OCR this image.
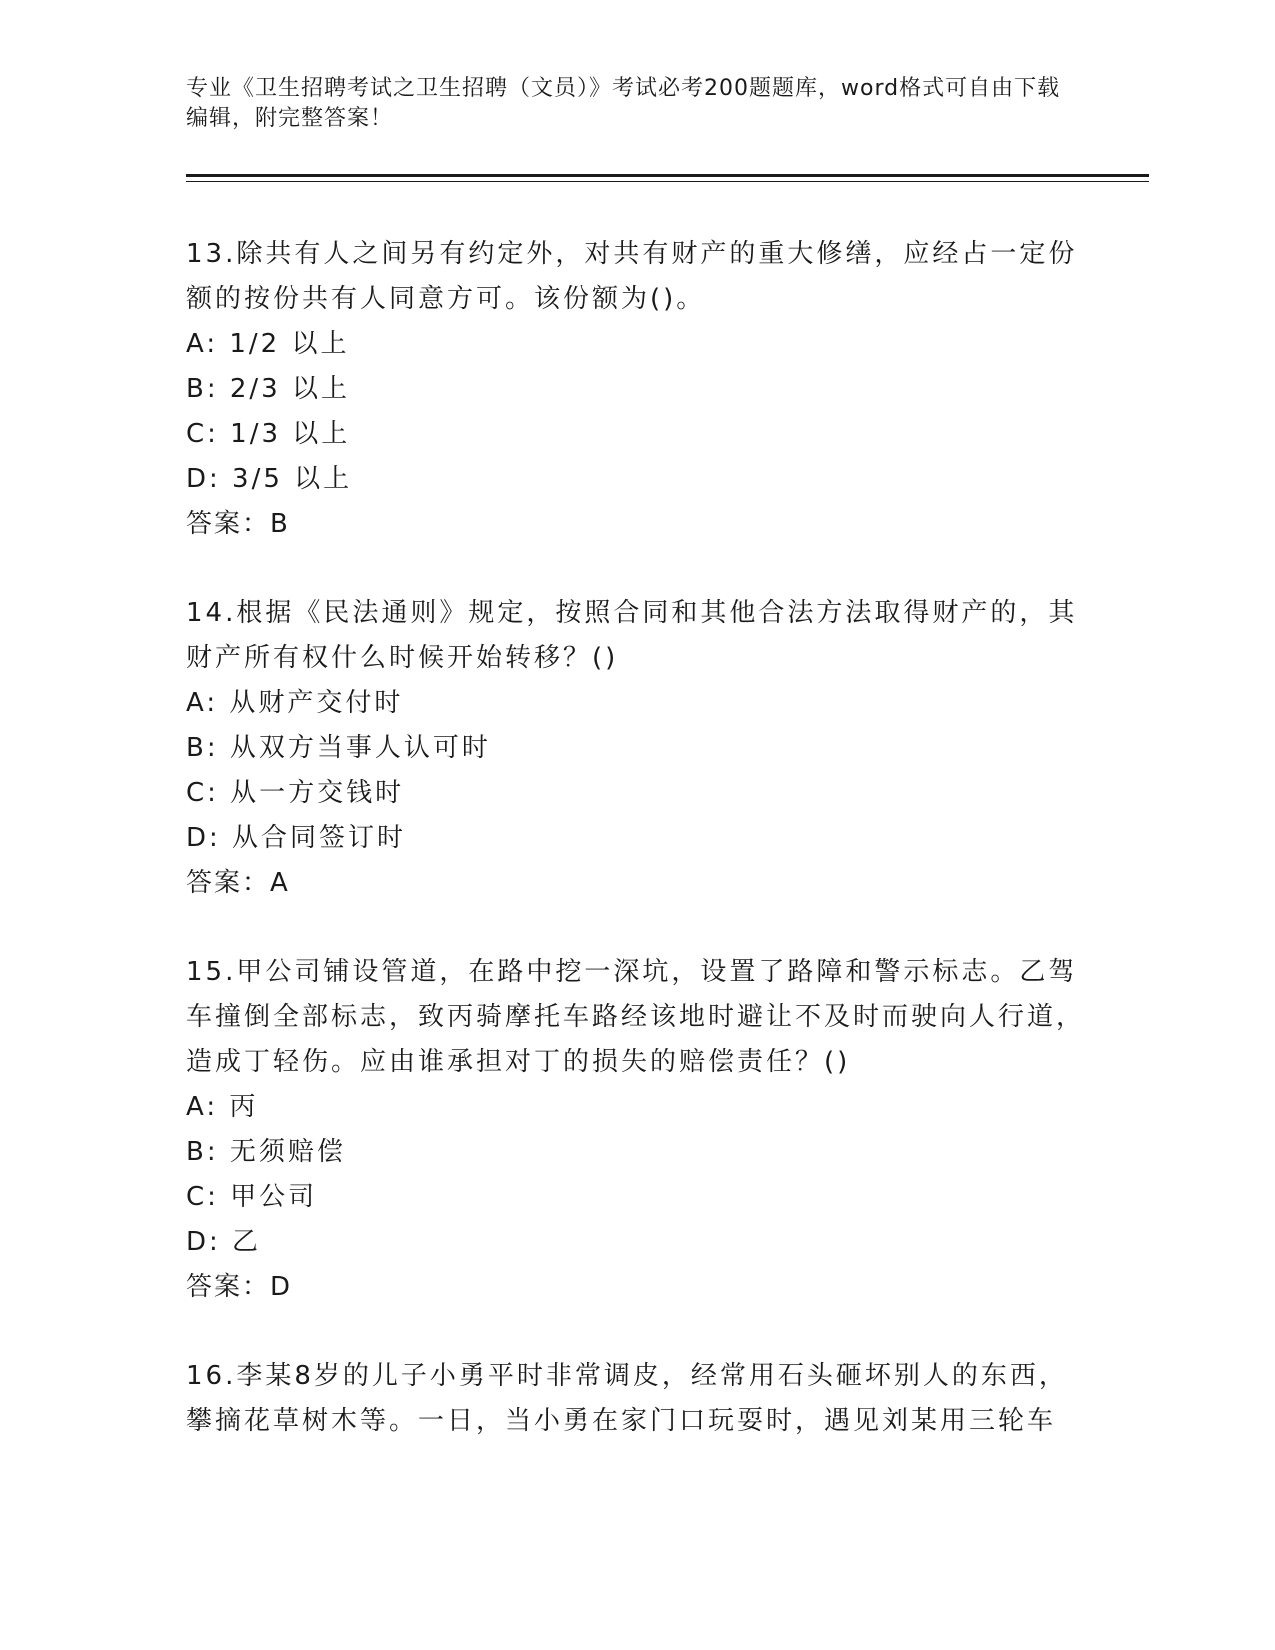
专业《卫生招聘考试之卫生招聘（文员）》考试必考200题题库，word格式可自由下载编辑，附完整答案！
13.除共有人之间另有约定外，对共有财产的重大修缮，应经占一定份额的按份共有人同意方可。该份额为()。
A: 1/2 以上
B: 2/3 以上
C: 1/3 以上
D: 3/5 以上
答案：B
14.根据《民法通则》规定，按照合同和其他合法方法取得财产的，其财产所有权什么时候开始转移？()
A: 从财产交付时
B: 从双方当事人认可时
C: 从一方交钱时
D: 从合同签订时
答案：A
15.甲公司铺设管道，在路中挖一深坑，设置了路障和警示标志。乙驾车撞倒全部标志，致丙骑摩托车路经该地时避让不及时而驶向人行道，造成丁轻伤。应由谁承担对丁的损失的赔偿责任？()
A: 丙
B: 无须赔偿
C: 甲公司
D: 乙
答案：D
16.李某8岁的儿子小勇平时非常调皮，经常用石头砸坏别人的东西，攀摘花草树木等。一日，当小勇在家门口玩耍时，遇见刘某用三轮车
